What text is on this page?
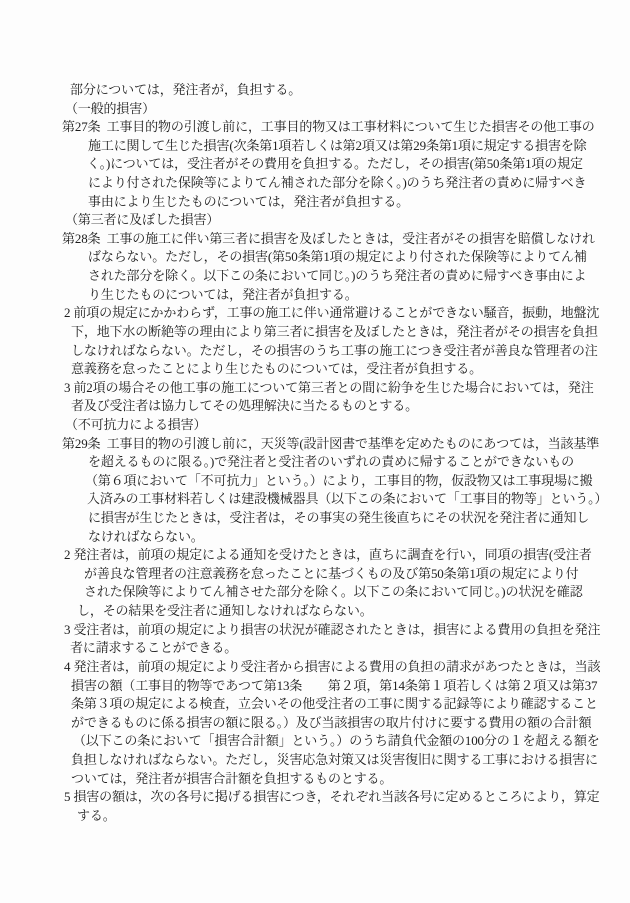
部分については，発注者が，負担する。
（一般的損害）
第27条  工事目的物の引渡し前に，工事目的物又は工事材料について生じた損害その他工事の
施工に関して生じた損害(次条第1項若しくは第2項又は第29条第1項に規定する損害を除
く。)については，受注者がその費用を負担する。ただし，その損害(第50条第1項の規定
により付された保険等によりてん補された部分を除く。)のうち発注者の責めに帰すべき
事由により生じたものについては，発注者が負担する。
（第三者に及ぼした損害）
第28条  工事の施工に伴い第三者に損害を及ぼしたときは，受注者がその損害を賠償しなけれ
ばならない。ただし，その損害(第50条第1項の規定により付された保険等によりてん補
された部分を除く。以下この条において同じ。)のうち発注者の責めに帰すべき事由によ
り生じたものについては，発注者が負担する。
2 前項の規定にかかわらず，工事の施工に伴い通常避けることができない騒音，振動，地盤沈
下，地下水の断絶等の理由により第三者に損害を及ぼしたときは，発注者がその損害を負担
しなければならない。ただし，その損害のうち工事の施工につき受注者が善良な管理者の注
意義務を怠ったことにより生じたものについては，受注者が負担する。
3 前2項の場合その他工事の施工について第三者との間に紛争を生じた場合においては，発注
者及び受注者は協力してその処理解決に当たるものとする。
（不可抗力による損害）
第29条  工事目的物の引渡し前に，天災等(設計図書で基準を定めたものにあつては，当該基準
を超えるものに限る。)で発注者と受注者のいずれの責めに帰することができないもの
（第６項において「不可抗力」という。）により，工事目的物，仮設物又は工事現場に搬
入済みの工事材料若しくは建設機械器具（以下この条において「工事目的物等」という。）
に損害が生じたときは，受注者は，その事実の発生後直ちにその状況を発注者に通知し
なければならない。
2 発注者は，前項の規定による通知を受けたときは，直ちに調査を行い，同項の損害(受注者
が善良な管理者の注意義務を怠ったことに基づくもの及び第50条第1項の規定により付
された保険等によりてん補させた部分を除く。以下この条において同じ。)の状況を確認
し，その結果を受注者に通知しなければならない。
3 受注者は，前項の規定により損害の状況が確認されたときは，損害による費用の負担を発注
者に請求することができる。
4 発注者は，前項の規定により受注者から損害による費用の負担の請求があつたときは，当該
損害の額（工事目的物等であつて第13条　　第２項，第14条第１項若しくは第２項又は第37
条第３項の規定による検査，立会いその他受注者の工事に関する記録等により確認すること
ができるものに係る損害の額に限る。）及び当該損害の取片付けに要する費用の額の合計額
（以下この条において「損害合計額」という。）のうち請負代金額の100分の１を超える額を
負担しなければならない。ただし，災害応急対策又は災害復旧に関する工事における損害に
ついては，発注者が損害合計額を負担するものとする。
5 損害の額は，次の各号に掲げる損害につき，それぞれ当該各号に定めるところにより，算定
する。
